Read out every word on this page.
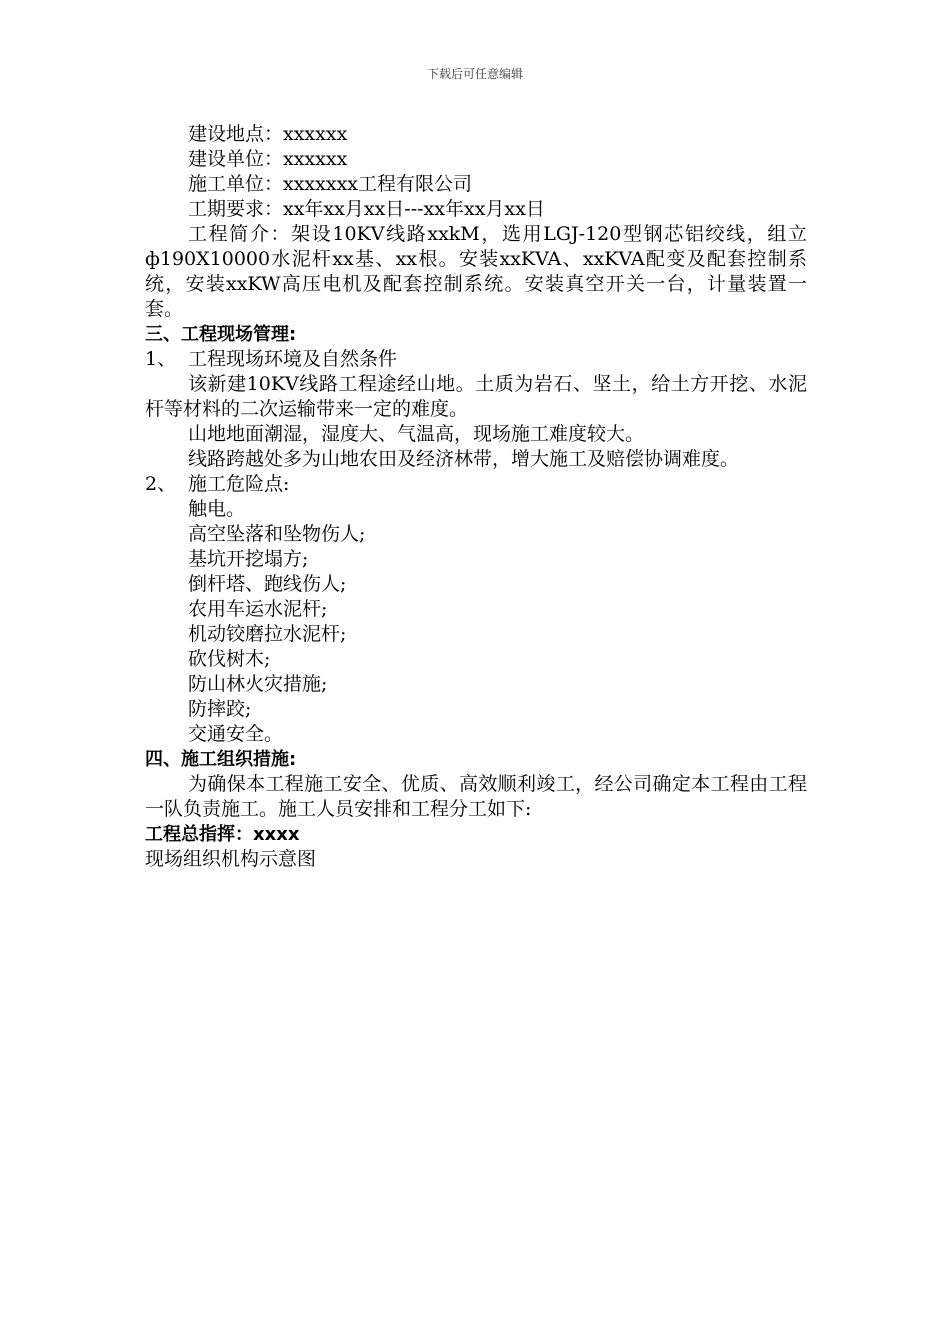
下载后可任意编辑
建设地点：xxxxxx
建设单位：xxxxxx
施工单位：xxxxxxx工程有限公司
工期要求：xx年xx月xx日---xx年xx月xx日
工程简介：架设10KV线路xxkM，选用LGJ-120型钢芯铝绞线，组立ф190X10000水泥杆xx基、xx根。安装xxKVA、xxKVA配变及配套控制系统，安装xxKW高压电机及配套控制系统。安装真空开关一台，计量装置一套。
三、工程现场管理:
1、 工程现场环境及自然条件
该新建10KV线路工程途经山地。土质为岩石、坚土，给土方开挖、水泥杆等材料的二次运输带来一定的难度。
山地地面潮湿，湿度大、气温高，现场施工难度较大。
线路跨越处多为山地农田及经济林带，增大施工及赔偿协调难度。
2、 施工危险点:
触电。
高空坠落和坠物伤人;
基坑开挖塌方;
倒杆塔、跑线伤人;
农用车运水泥杆;
机动铰磨拉水泥杆;
砍伐树木;
防山林火灾措施;
防摔跤;
交通安全。
四、施工组织措施:
为确保本工程施工安全、优质、高效顺利竣工，经公司确定本工程由工程一队负责施工。施工人员安排和工程分工如下:
工程总指挥：xxxx
现场组织机构示意图
